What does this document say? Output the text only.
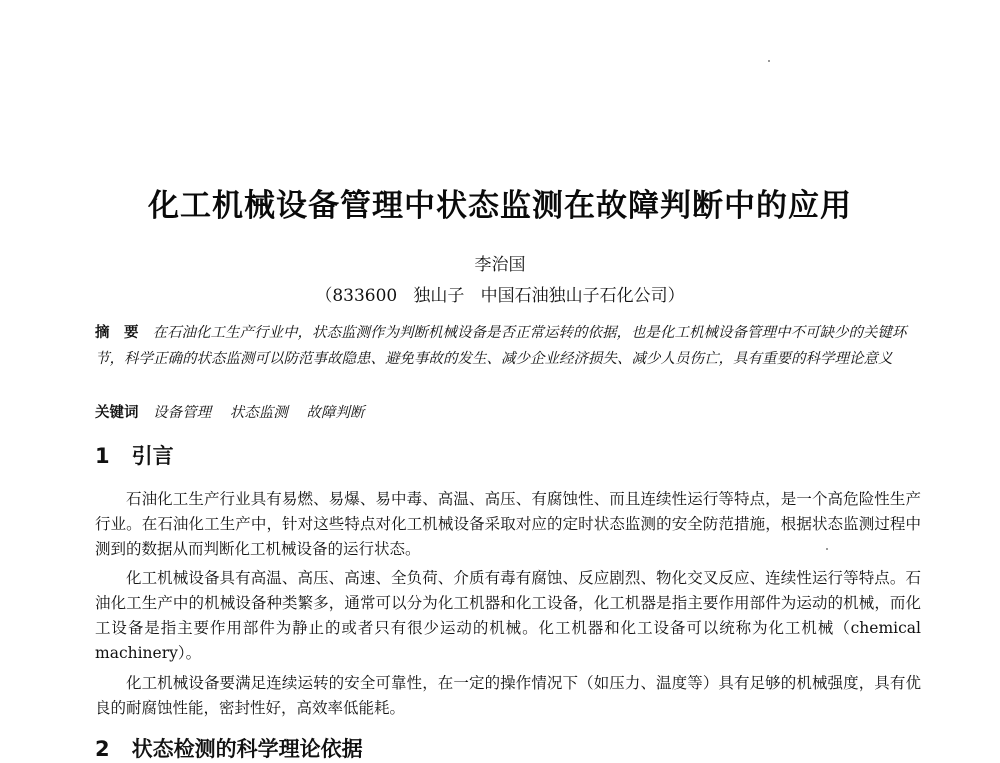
化工机械设备管理中状态监测在故障判断中的应用
李治国
（833600   独山子   中国石油独山子石化公司）
摘　要 在石油化工生产行业中，状态监测作为判断机械设备是否正常运转的依据，也是化工机械设备管理中不可缺少的关键环节，科学正确的状态监测可以防范事故隐患、避免事故的发生、减少企业经济损失、减少人员伤亡，具有重要的科学理论意义
关键词 设备管理 状态监测 故障判断
1 引言
石油化工生产行业具有易燃、易爆、易中毒、高温、高压、有腐蚀性、而且连续性运行等特点，是一个高危险性生产行业。在石油化工生产中，针对这些特点对化工机械设备采取对应的定时状态监测的安全防范措施，根据状态监测过程中测到的数据从而判断化工机械设备的运行状态。
化工机械设备具有高温、高压、高速、全负荷、介质有毒有腐蚀、反应剧烈、物化交叉反应、连续性运行等特点。石油化工生产中的机械设备种类繁多，通常可以分为化工机器和化工设备，化工机器是指主要作用部件为运动的机械，而化工设备是指主要作用部件为静止的或者只有很少运动的机械。化工机器和化工设备可以统称为化工机械（chemical machinery）。
化工机械设备要满足连续运转的安全可靠性，在一定的操作情况下（如压力、温度等）具有足够的机械强度，具有优良的耐腐蚀性能，密封性好，高效率低能耗。
2 状态检测的科学理论依据
